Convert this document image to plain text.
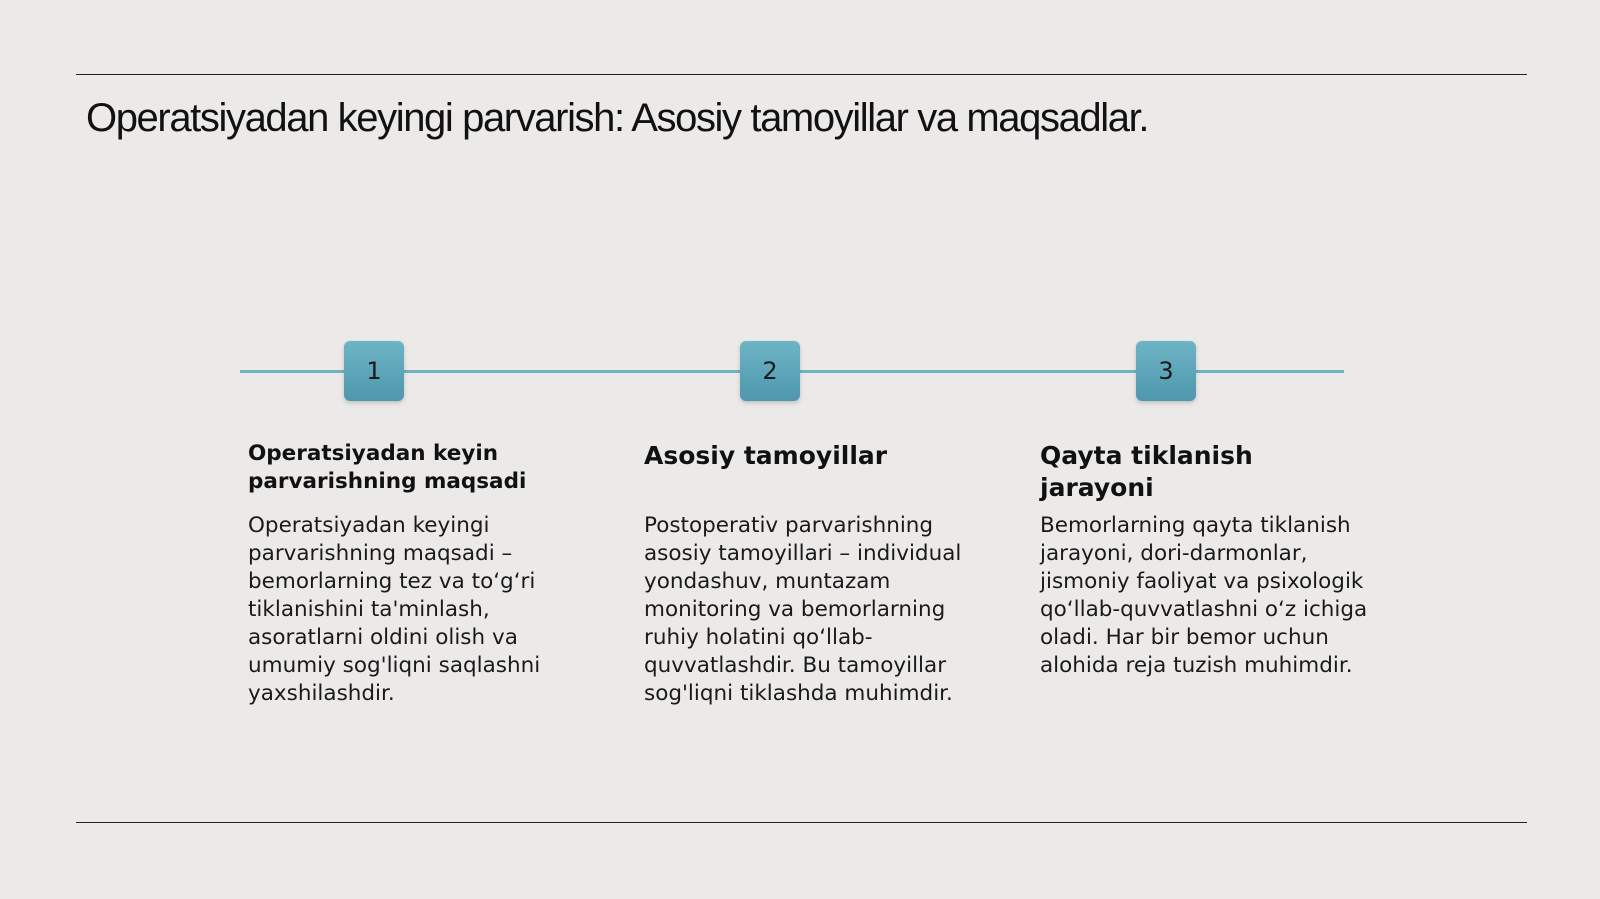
Operatsiyadan keyingi parvarish: Asosiy tamoyillar va maqsadlar.
1	2	3
Operatsiyadan keyin parvarishning maqsadi

Operatsiyadan keyingi parvarishning maqsadi – bemorlarning tez va to‘g‘ri tiklanishini ta'minlash, asoratlarni oldini olish va umumiy sog'liqni saqlashni yaxshilashdir.

Asosiy tamoyillar

Postoperativ parvarishning asosiy tamoyillari – individual yondashuv, muntazam monitoring va bemorlarning ruhiy holatini qo‘llab-quvvatlashdir. Bu tamoyillar sog'liqni tiklashda muhimdir.

Qayta tiklanish jarayoni

Bemorlarning qayta tiklanish jarayoni, dori-darmonlar, jismoniy faoliyat va psixologik qo‘llab-quvvatlashni o‘z ichiga oladi. Har bir bemor uchun alohida reja tuzish muhimdir.
